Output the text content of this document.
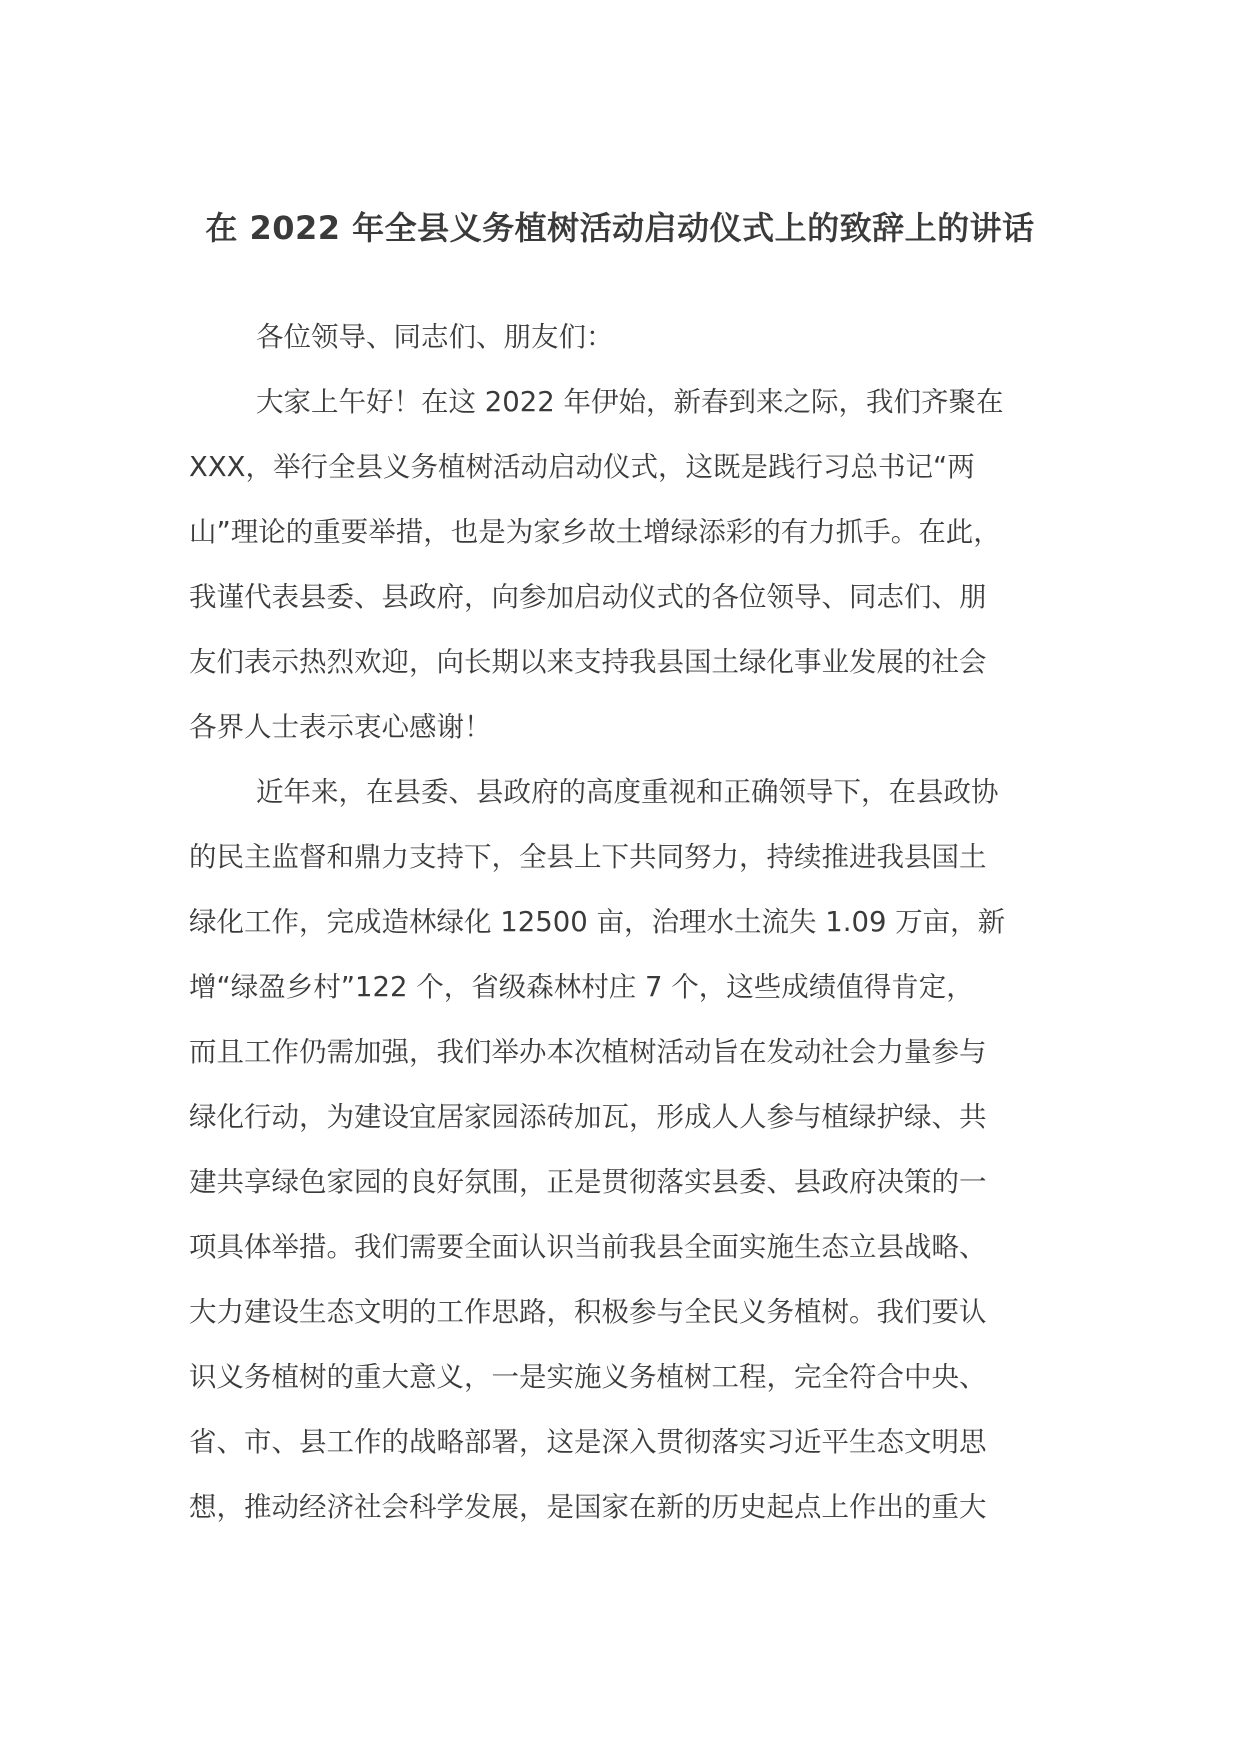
在 2022 年全县义务植树活动启动仪式上的致辞上的讲话
各位领导、同志们、朋友们：
大家上午好！在这 2022 年伊始，新春到来之际，我们齐聚在
XXX，举行全县义务植树活动启动仪式，这既是践行习总书记“两
山”理论的重要举措，也是为家乡故土增绿添彩的有力抓手。在此，
我谨代表县委、县政府，向参加启动仪式的各位领导、同志们、朋
友们表示热烈欢迎，向长期以来支持我县国土绿化事业发展的社会
各界人士表示衷心感谢！
近年来，在县委、县政府的高度重视和正确领导下，在县政协
的民主监督和鼎力支持下，全县上下共同努力，持续推进我县国土
绿化工作，完成造林绿化 12500 亩，治理水土流失 1.09 万亩，新
增“绿盈乡村”122 个，省级森林村庄 7 个，这些成绩值得肯定，
而且工作仍需加强，我们举办本次植树活动旨在发动社会力量参与
绿化行动，为建设宜居家园添砖加瓦，形成人人参与植绿护绿、共
建共享绿色家园的良好氛围，正是贯彻落实县委、县政府决策的一
项具体举措。我们需要全面认识当前我县全面实施生态立县战略、
大力建设生态文明的工作思路，积极参与全民义务植树。我们要认
识义务植树的重大意义，一是实施义务植树工程，完全符合中央、
省、市、县工作的战略部署，这是深入贯彻落实习近平生态文明思
想，推动经济社会科学发展，是国家在新的历史起点上作出的重大
